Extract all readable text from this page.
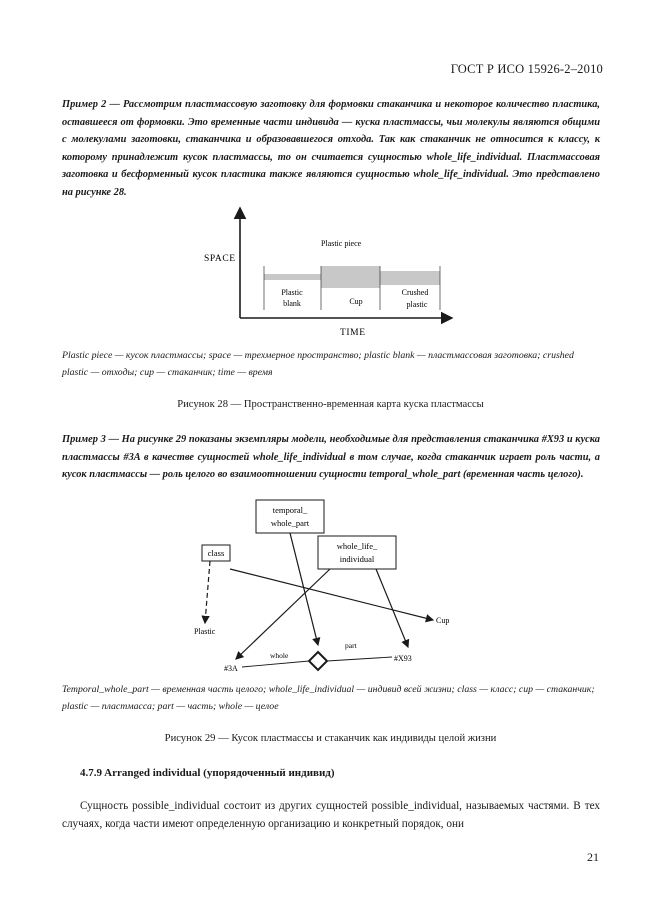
ГОСТ Р ИСО 15926-2–2010
Пример 2 — Рассмотрим пластмассовую заготовку для формовки стаканчика и некоторое количество пластика, оставшееся от формовки. Это временные части индивида — куска пластмассы, чьи молекулы являются общими с молекулами заготовки, стаканчика и образовавшегося отхода. Так как стаканчик не относится к классу, к которому принадлежит кусок пластмассы, то он считается сущностью whole_life_individual. Пластмассовая заготовка и бесформенный кусок пластика также являются сущностью whole_life_individual. Это представлено на рисунке 28.
SPACE
TIME
Plastic piece
Plastic
blank	Cup
Crushed
plastic
Plastic piece — кусок пластмассы; space — трехмерное пространство; plastic blank — пластмассовая заготовка; crushed plastic — отходы; cup — стаканчик; time — время
Рисунок 28 — Пространственно-временная карта куска пластмассы
Пример 3 — На рисунке 29 показаны экземпляры модели, необходимые для представления стаканчика #X93 и куска пластмассы #3A в качестве сущностей whole_life_individual в том случае, когда стаканчик играет роль части, а кусок пластмассы — роль целого во взаимоотношении сущности temporal_whole_part (временная часть целого).
temporal_
whole_part
class
whole_life_
individual
Plastic
Cup
#3A
#X93
whole
part
Temporal_whole_part — временная часть целого; whole_life_individual — индивид всей жизни; class — класс; cup — стаканчик; plastic — пластмасса; part — часть; whole — целое
Рисунок 29 — Кусок пластмассы и стаканчик как индивиды целой жизни
4.7.9 Arranged individual (упорядоченный индивид)
Сущность possible_individual состоит из других сущностей possible_individual, называемых частями. В тех случаях, когда части имеют определенную организацию и конкретный порядок, они
21
